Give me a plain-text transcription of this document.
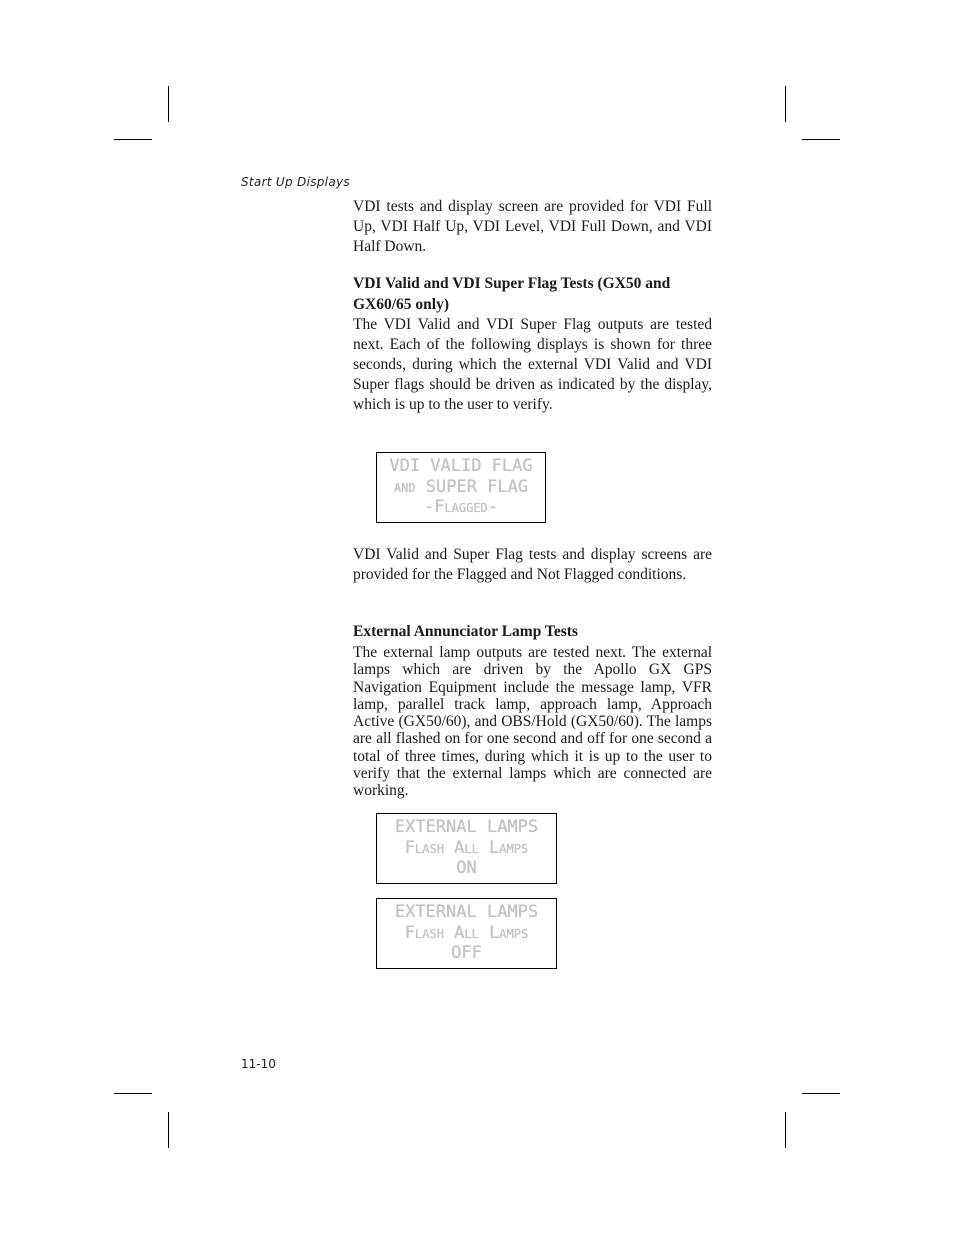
Start Up Displays

VDI tests and display screen are provided for VDI Full Up, VDI Half Up, VDI Level, VDI Full Down, and VDI Half Down.

VDI Valid and VDI Super Flag Tests (GX50 and
GX60/65 only)

The VDI Valid and VDI Super Flag outputs are tested next. Each of the following displays is shown for three seconds, during which the external VDI Valid and VDI Super flags should be driven as indicated by the display, which is up to the user to verify.

VDI VALID FLAG
and SUPER FLAG
-Flagged-

VDI Valid and Super Flag tests and display screens are provided for the Flagged and Not Flagged conditions.

External Annunciator Lamp Tests

The external lamp outputs are tested next. The external lamps which are driven by the Apollo GX GPS Navigation Equipment include the message lamp, VFR lamp, parallel track lamp, approach lamp, Approach Active (GX50/60), and OBS/Hold (GX50/60). The lamps are all flashed on for one second and off for one second a total of three times, during which it is up to the user to verify that the external lamps which are connected are working.

EXTERNAL LAMPS
Flash All Lamps
ON
EXTERNAL LAMPS
Flash All Lamps
OFF
11-10
